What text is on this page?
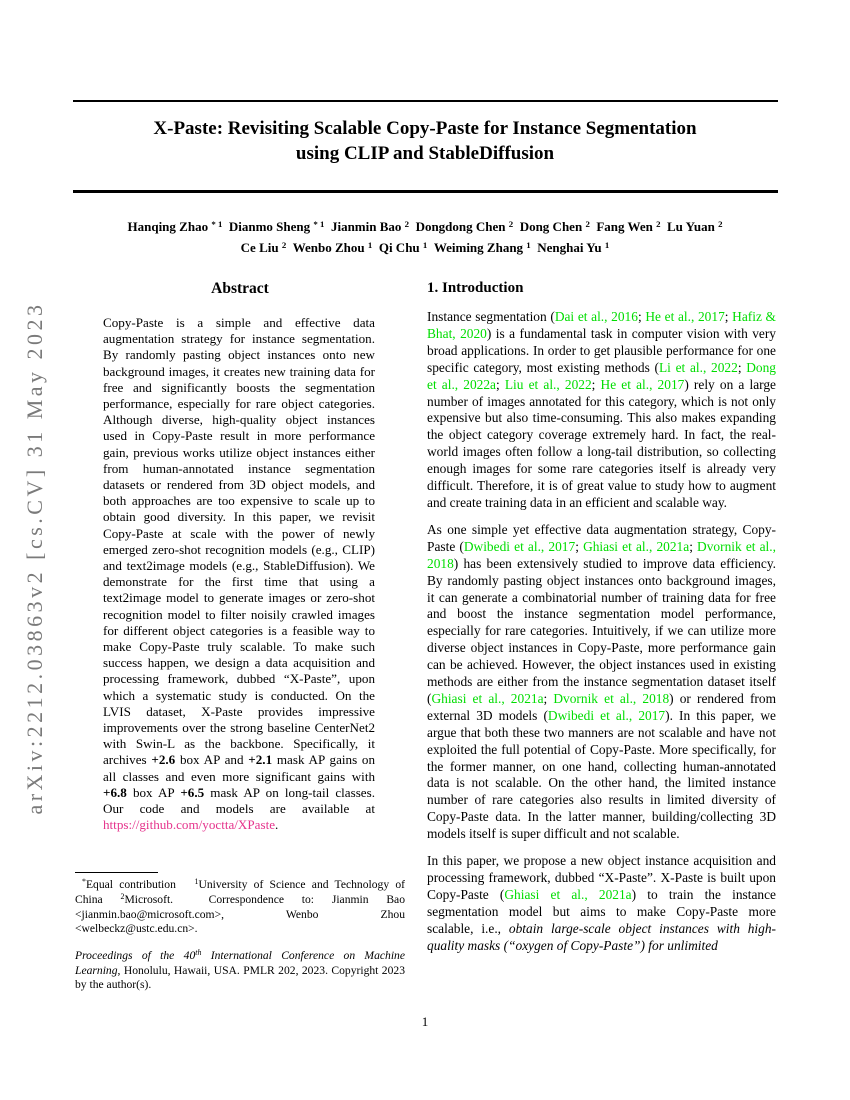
arXiv:2212.03863v2 [cs.CV] 31 May 2023
X-Paste: Revisiting Scalable Copy-Paste for Instance Segmentation
using CLIP and StableDiffusion
Hanqing Zhao $^{* 1}$ Dianmo Sheng $^{* 1}$ Jianmin Bao $^2$ Dongdong Chen $^2$ Dong Chen $^2$ Fang Wen $^2$ Lu Yuan $^2$
Ce Liu $^2$ Wenbo Zhou $^1$ Qi Chu $^1$ Weiming Zhang $^1$ Nenghai Yu $^1$
Abstract

Copy-Paste is a simple and effective data augmentation strategy for instance segmentation. By randomly pasting object instances onto new background images, it creates new training data for free and significantly boosts the segmentation performance, especially for rare object categories. Although diverse, high-quality object instances used in Copy-Paste result in more performance gain, previous works utilize object instances either from human-annotated instance segmentation datasets or rendered from 3D object models, and both approaches are too expensive to scale up to obtain good diversity. In this paper, we revisit Copy-Paste at scale with the power of newly emerged zero-shot recognition models (e.g., CLIP) and text2image models (e.g., StableDiffusion). We demonstrate for the first time that using a text2image model to generate images or zero-shot recognition model to filter noisily crawled images for different object categories is a feasible way to make Copy-Paste truly scalable. To make such success happen, we design a data acquisition and processing framework, dubbed “X-Paste”, upon which a systematic study is conducted. On the LVIS dataset, X-Paste provides impressive improvements over the strong baseline CenterNet2 with Swin-L as the backbone. Specifically, it archives +2.6 box AP and +2.1 mask AP gains on all classes and even more significant gains with +6.8 box AP +6.5 mask AP on long-tail classes. Our code and models are available at https://github.com/yoctta/XPaste.

*Equal contribution   $^1$University of Science and Technology of China $^2$Microsoft.  Correspondence to: Jianmin Bao <jianmin.bao@microsoft.com>, Wenbo Zhou <welbeckz@ustc.edu.cn>.

Proceedings of the 40th International Conference on Machine Learning, Honolulu, Hawaii, USA. PMLR 202, 2023. Copyright 2023 by the author(s).

1. Introduction

Instance segmentation (Dai et al., 2016; He et al., 2017; Hafiz & Bhat, 2020) is a fundamental task in computer vision with very broad applications. In order to get plausible performance for one specific category, most existing methods (Li et al., 2022; Dong et al., 2022a; Liu et al., 2022; He et al., 2017) rely on a large number of images annotated for this category, which is not only expensive but also time-consuming. This also makes expanding the object category coverage extremely hard. In fact, the real-world images often follow a long-tail distribution, so collecting enough images for some rare categories itself is already very difficult. Therefore, it is of great value to study how to augment and create training data in an efficient and scalable way.

As one simple yet effective data augmentation strategy, Copy-Paste (Dwibedi et al., 2017; Ghiasi et al., 2021a; Dvornik et al., 2018) has been extensively studied to improve data efficiency. By randomly pasting object instances onto background images, it can generate a combinatorial number of training data for free and boost the instance segmentation model performance, especially for rare categories. Intuitively, if we can utilize more diverse object instances in Copy-Paste, more performance gain can be achieved. However, the object instances used in existing methods are either from the instance segmentation dataset itself (Ghiasi et al., 2021a; Dvornik et al., 2018) or rendered from external 3D models (Dwibedi et al., 2017). In this paper, we argue that both these two manners are not scalable and have not exploited the full potential of Copy-Paste. More specifically, for the former manner, on one hand, collecting human-annotated data is not scalable. On the other hand, the limited instance number of rare categories also results in limited diversity of Copy-Paste data. In the latter manner, building/collecting 3D models itself is super difficult and not scalable.

In this paper, we propose a new object instance acquisition and processing framework, dubbed “X-Paste”. X-Paste is built upon Copy-Paste (Ghiasi et al., 2021a) to train the instance segmentation model but aims to make Copy-Paste more scalable, i.e., obtain large-scale object instances with high-quality masks (“oxygen of Copy-Paste”) for unlimited

1
